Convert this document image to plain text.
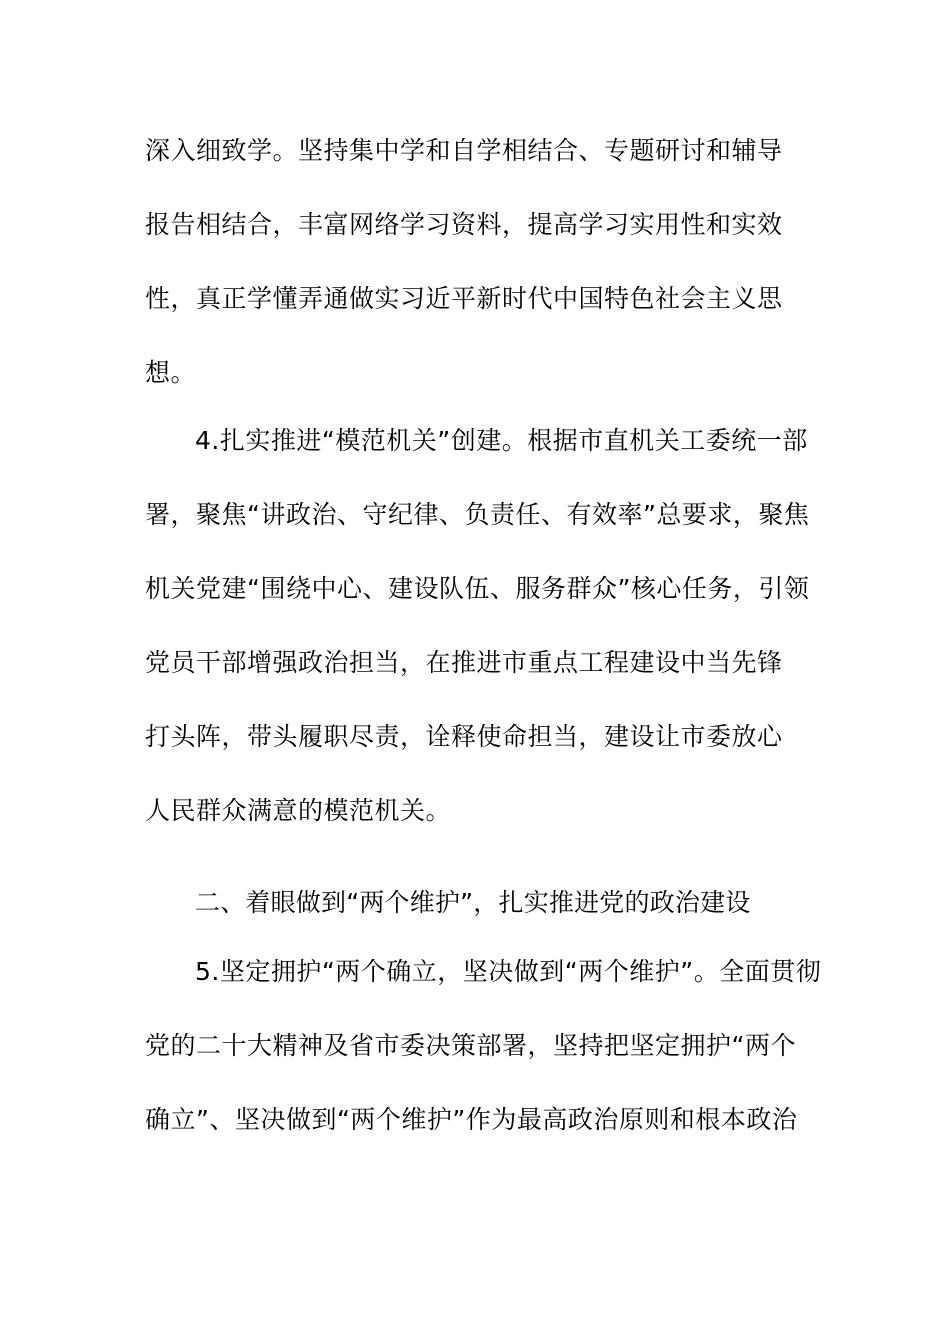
深入细致学。坚持集中学和自学相结合、专题研讨和辅导
报告相结合，丰富网络学习资料，提高学习实用性和实效
性，真正学懂弄通做实习近平新时代中国特色社会主义思
想。
4.扎实推进“模范机关”创建。根据市直机关工委统一部
署，聚焦“讲政治、守纪律、负责任、有效率”总要求，聚焦
机关党建“围绕中心、建设队伍、服务群众”核心任务，引领
党员干部增强政治担当，在推进市重点工程建设中当先锋
打头阵，带头履职尽责，诠释使命担当，建设让市委放心
人民群众满意的模范机关。
二、着眼做到“两个维护”，扎实推进党的政治建设
5.坚定拥护“两个确立，坚决做到“两个维护”。全面贯彻
党的二十大精神及省市委决策部署，坚持把坚定拥护“两个
确立”、坚决做到“两个维护”作为最高政治原则和根本政治
